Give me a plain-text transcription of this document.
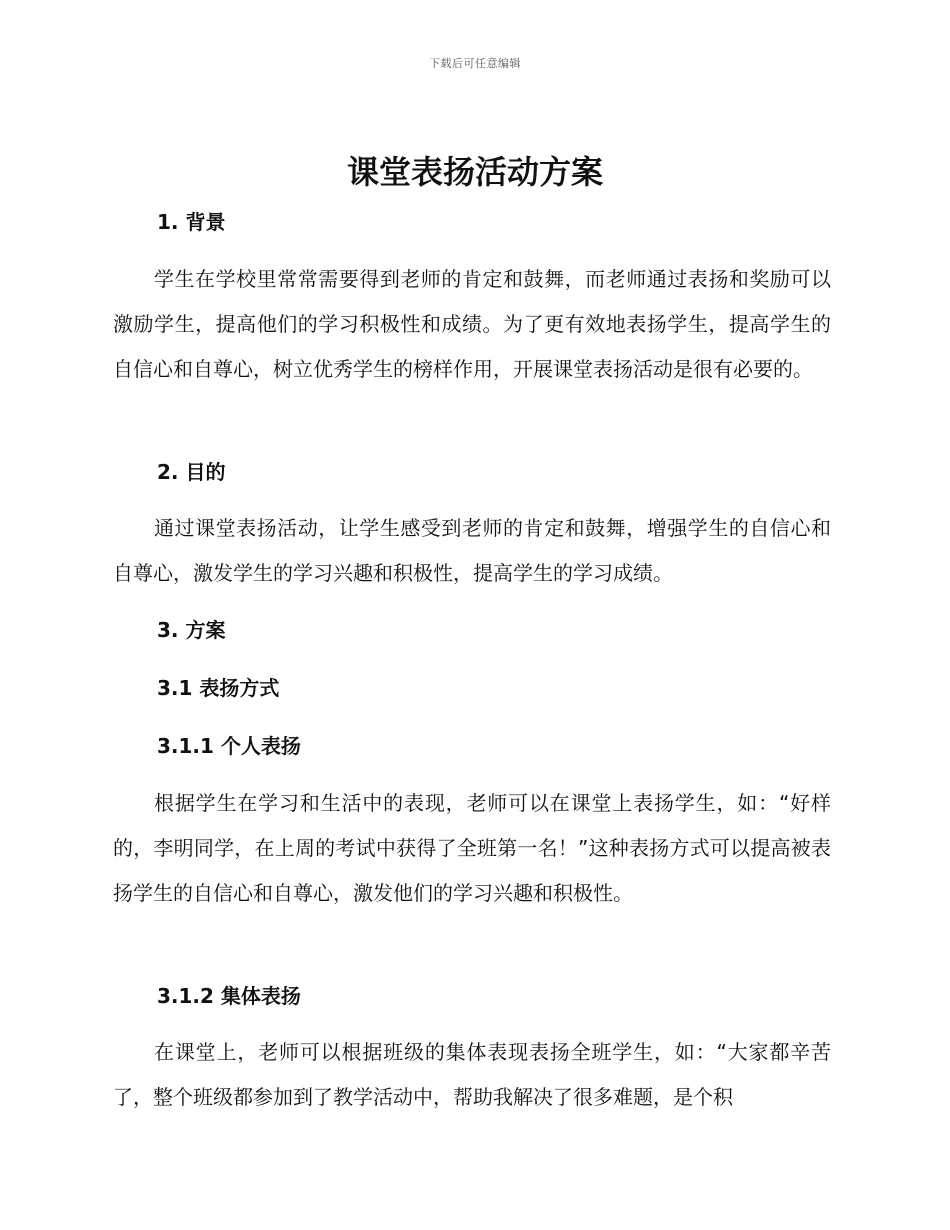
下载后可任意编辑
课堂表扬活动方案
1. 背景

学生在学校里常常需要得到老师的肯定和鼓舞，而老师通过表扬和奖励可以激励学生，提高他们的学习积极性和成绩。为了更有效地表扬学生，提高学生的自信心和自尊心，树立优秀学生的榜样作用，开展课堂表扬活动是很有必要的。

2. 目的

通过课堂表扬活动，让学生感受到老师的肯定和鼓舞，增强学生的自信心和自尊心，激发学生的学习兴趣和积极性，提高学生的学习成绩。

3. 方案
3.1 表扬方式
3.1.1 个人表扬

根据学生在学习和生活中的表现，老师可以在课堂上表扬学生，如：“好样的，李明同学，在上周的考试中获得了全班第一名！”这种表扬方式可以提高被表扬学生的自信心和自尊心，激发他们的学习兴趣和积极性。

3.1.2 集体表扬

在课堂上，老师可以根据班级的集体表现表扬全班学生，如：“大家都辛苦了，整个班级都参加到了教学活动中，帮助我解决了很多难题，是个积
